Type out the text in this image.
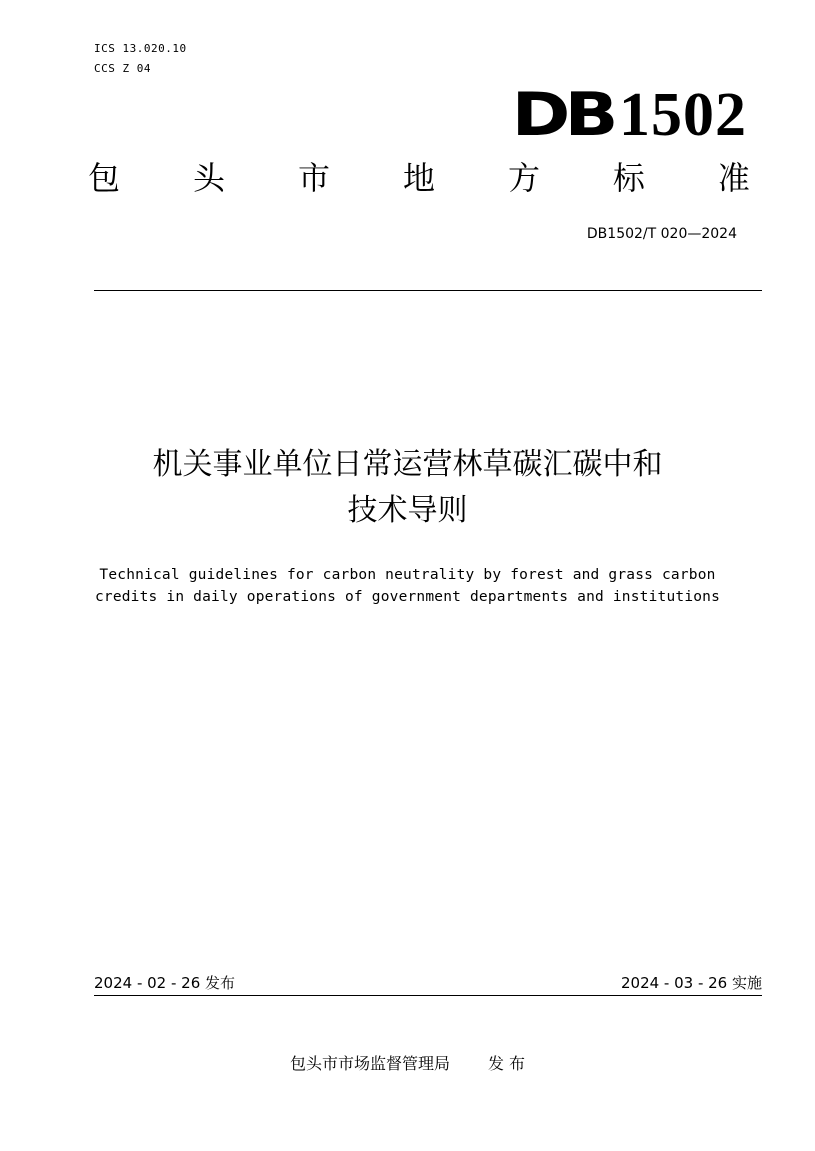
ICS 13.020.10
CCS Z 04
DB 1502
包 头 市 地 方 标 准
DB1502/T 020—2024
机关事业单位日常运营林草碳汇碳中和
技术导则
Technical guidelines for carbon neutrality by forest and grass carbon
credits in daily operations of government departments and institutions
2024 - 02 - 26 发布	2024 - 03 - 26 实施
包头市市场监督管理局 发 布
